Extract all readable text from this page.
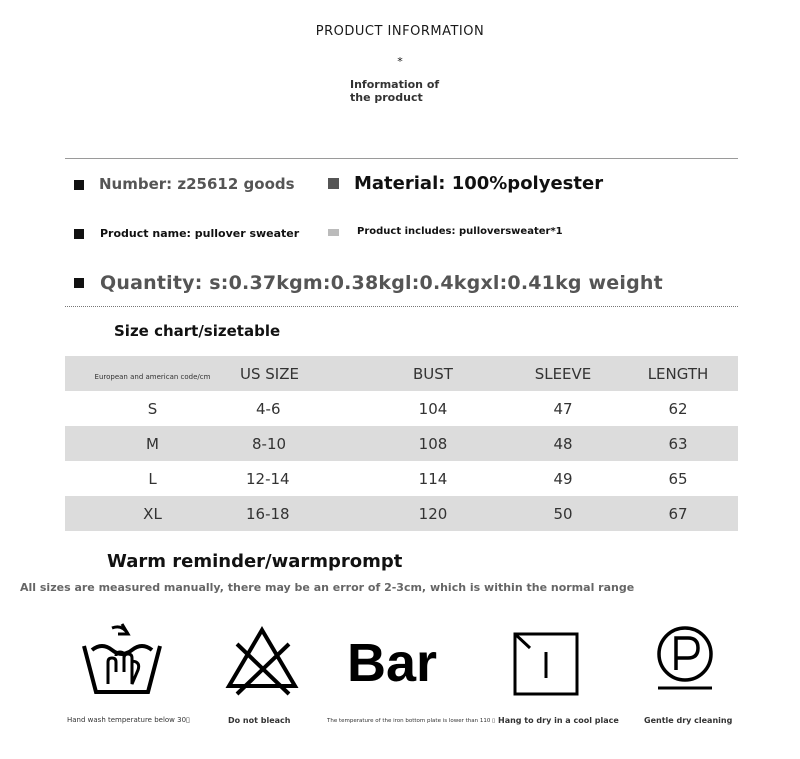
PRODUCT INFORMATION
*
Information of the product
Number: z25612 goods	Material: 100%polyester
Product name: pullover sweater	Product includes: pulloversweater*1
Quantity: s:0.37kgm:0.38kgl:0.4kgxl:0.41kg weight
Size chart/sizetable
European and american code/cm	US SIZE	BUST	SLEEVE	LENGTH
S	4-6	104	47	62
M	8-10	108	48	63
L	12-14	114	49	65
XL	16-18	120	50	67
Warm reminder/warmprompt
All sizes are measured manually, there may be an error of 2-3cm, which is within the normal range
Hand wash temperature below 30▯	Do not bleach
Bar
The temperature of the iron bottom plate is lower than 110 ▯ Hang to dry in a cool place	Gentle dry cleaning
